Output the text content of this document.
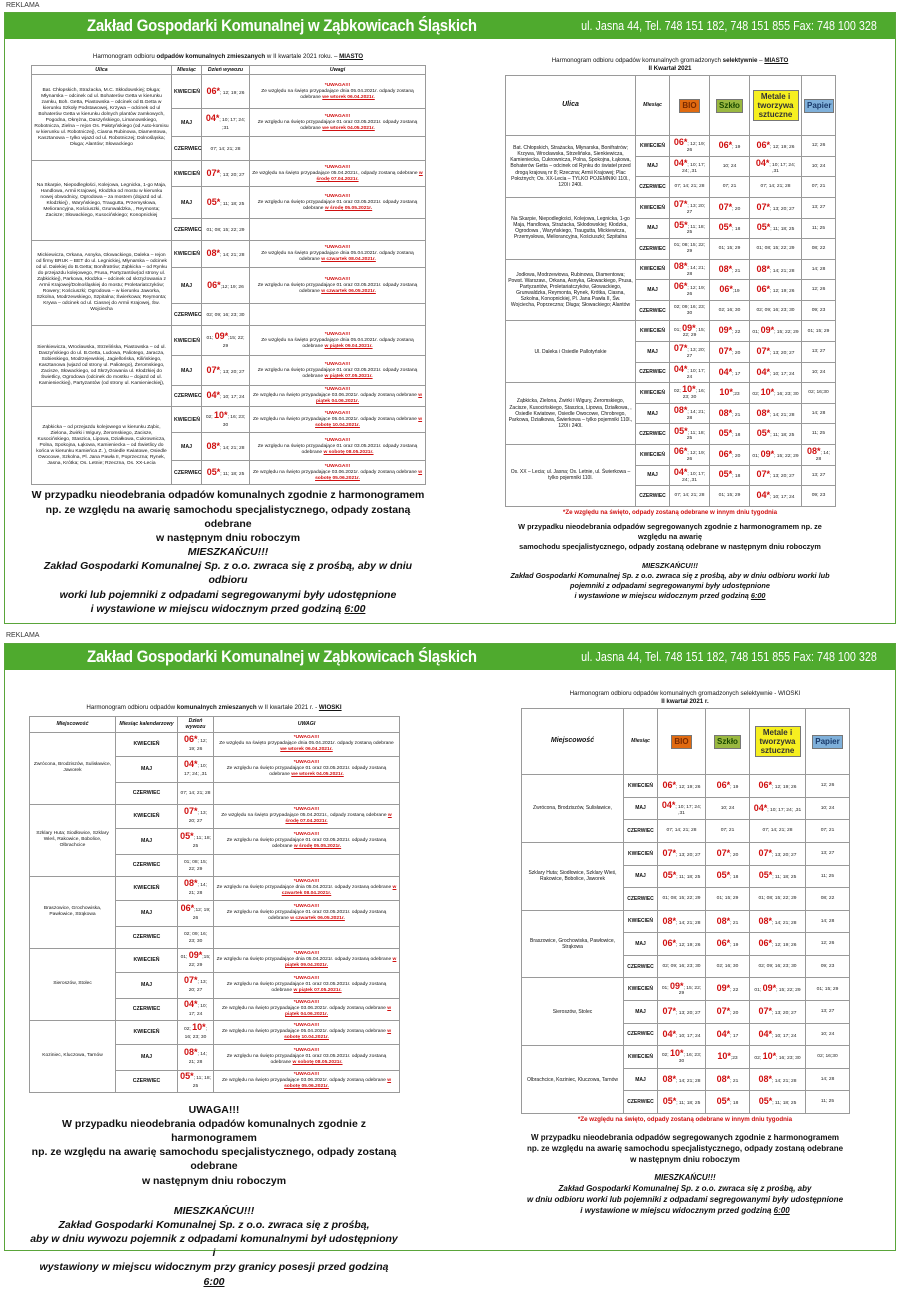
REKLAMA
Zakład Gospodarki Komunalnej w Ząbkowicach Śląskich	ul. Jasna 44, Tel. 748 151 182, 748 151 855 Fax: 748 100 328
Harmonogram odbioru odpadów komunalnych zmieszanych w II kwartale 2021 roku. – MIASTO
Ulica	Miesiąc	Dzień wywozu	Uwagi
Bat. Chłopskich, Strażacka, M.C. Skłodowskiej; Długa; Młynarska – odcinek od ul. Bohaterów Getta w kierunku zamku, Boh. Getta, Piastowska – odcinek od B.Getta w kierunku Szkoły Podstawowej, Krzywa – odcinek od ul Bohaterów Getta w kierunku dolnych plantów zamkowych, Pogodna, Okrężna, Daszyńskiego, Limanowskiego, Robotnicza, Zielna – rejon Os. Pałotyńskiego (od Auto-komisu w kierunku ul. Robotniczej), Ciasna Rubinowa, Diamentowa, Kasztanowa – tylko wjazd od ul. Robotniczej; Dolnośląska; Długa; Alantów; Słowackiego	KWIECIEŃ	06*; 12; 19; 26	*UWAGA!!!
Ze względu na święto przypadające dnia 05.04.2021r. odpady zostaną odebrane we wtorek 06.04.2021r.

	MAJ	04*; 10; 17; 24; ;31	*UWAGA!!!
Ze względu na święto przypadające 01 oraz 03.05.2021r. odpady zostaną odebrane we wtorek 04.05.2021r.

	CZERWIEC	07; 14; 21; 28	
Na Skarpie, Niepodległości, Kolejowa, Legnicka, 1-go Maja, Handlowa, Armii Krajowej, Kłodzka od mostu w kierunku nowej obwodnicy, Ogrodowa – za mostem (dojazd od ul. Kłodzkiej) , Waryńskiego, Traugutta, Przemysłowa, Meliorancyjna, Kościuszki, Grunwaldzka, , Reymonta; Zacisze; Słowackiego, Kusocińskiego; Konopnickiej	KWIECIEŃ	07*; 13; 20; 27	*UWAGA!!!
Ze względu na święto przypadające 05.04.2021r., odpady zostaną odebrane w środę 07.04.2021r.

	MAJ	05*; 11; 18; 25	*UWAGA!!!
Ze względu na święto przypadające 01 oraz 03.05.2021r. odpady zostaną odebrane w środę 05.05.2021r.

	CZERWIEC	01; 08; 15; 22; 29	
Mickiewicza, Orkana, Asnyka, Głowackiego, Daleka – rejon od firmy BRUK – BET do ul. Legnickiej, Młynarska – odcinek od ul. Dalekiej do B.Getta; Bonifratrów; Ząbkicka – od Rynku do przejazdu kolejowego, Prusa, Partyzantów(od strony ul. Ząbkickiej), Parkowa, Kłodzka – odcinek od skrzyżowania z Armii Krajowej/Dolnośląskiej do mostu; Proletariatczyków; Rowery; Kościuszki; Ogrodowa – w kierunku Jaworka, Szkolna, Modrzewskiego, Szpitalna; Świerkowa; Reymonta; Krywa – odcinek od ul. Ciasnej do Armii Krajowej, Św. Wojciecha	KWIECIEŃ	08*; 14; 21; 28	*UWAGA!!!
Ze względu na święto przypadające dnia 05.04.2021r. odpady zostaną odebrane w czwartek 08.04.2021r.

	MAJ	06*;12; 19; 26	*UWAGA!!!
Ze względu na święto przypadające 01 oraz 03.05.2021r. odpady zostaną odebrane w czwartek 06.05.2021r.

	CZERWIEC	02; 09; 16; 23; 30	
Sienkiewicza, Wrocławska, Strzelińska, Piastowska – od ul. Daszyńskiego do ul. B.Getta, Ludowa, Paliotego, Jaracza, Sobieskiego, Modrzejewskiej, Jagiellońska, Kilińskiego, Kasztanowa (wjazd od strony ul. Paliotego), Żeromskiego, Zacisze, Słowackiego, od Skrzyżowania ul. Kłodzkiej do Świetlicy, Ogrodowa (odcinek do mostku – dojazd od ul. Kamienieckiej), Partyzantów (od strony ul. Kamienieckiej),	KWIECIEŃ	01; 09*;15; 22; 29	*UWAGA!!!
Ze względu na święto przypadające dnia 05.04.2021r. odpady zostaną odebrane w piątek 09.04.2021r.

	MAJ	07*; 13; 20; 27	*UWAGA!!!
Ze względu na święto przypadające 01 oraz 03.05.2021r. odpady zostaną odebrane w piątek 07.05.2021r.

	CZERWIEC	04*; 10; 17; 24	*UWAGA!!!
Ze względu na święto przypadające 03.06.2021r. odpady zostaną odebrane w piątek 04.06.2021r.

Ząbkicka – od przejazdu kolejowego w kierunku Ząbic, Zielona, Żwirki i Wigury, Żeromskiego, Zacisze, Kusocińskiego, Staszica, Lipowa, Działkowa, Cukrownicza, Polna, Spokojna, Łąkowa, Kamieniecka – od Świetlicy do końca w kierunku Kamieńca Z. ), Osiedle Kwiatowe, Osiedle Owocowe, Szkolna, Pl. Jana Pawła II, Poprzeczna; Rynek, Jasna, Krótka; Os. Letnie; Rzeczna, Os. XX-Lecia	KWIECIEŃ	02; 10*; 16; 23; 30	*UWAGA!!!
Ze względu na święto przypadające 05.04.2021r. odpady zostaną odebrane w sobotę 10.04.2021r.

	MAJ	08*; 14; 21; 28	*UWAGA!!!
Ze względu na święto przypadające 01 oraz 03.05.2021r. odpady zostaną odebrane w sobotę 08.05.2021r.

	CZERWIEC	05*; 11; 18; 25	*UWAGA!!!
Ze względu na święto przypadające 03.06.2021r. odpady zostaną odebrane w sobotę 05.06.2021r.
W przypadku nieodebrania odpadów komunalnych zgodnie z harmonogramem
np. ze względu na awarię samochodu specjalistycznego, odpady zostaną
odebrane
w następnym dniu roboczym
MIESZKAŃCU!!!
Zakład Gospodarki Komunalnej Sp. z o.o. zwraca się z prośbą, aby w dniu odbioru
worki lub pojemniki z odpadami segregowanymi były udostępnione
i wystawione w miejscu widocznym przed godziną 6:00
Harmonogram odbioru odpadów komunalnych gromadzonych selektywnie – MIASTO
II Kwartał 2021
Ulica	Miesiąc	BIO	Szkło	Metale i tworzywa sztuczne	Papier
Bat. Chłopskich, Strażacka, Młynarska, Bonifratrów; Krzywa, Wrocławska, Strzelińska, Sienkiewicza, Kamieniecka, Cukrownicza, Polna, Spokojna, Łąkowa, Bohaterów Getta – odcinek od Rynku do świateł przed drogą krajową nr 8; Rzeczna; Armii Krajowej; Plac Położnych; Os. XX-Lecia – TYLKO POJEMNIKI 110l., 120l i 240l.	KWIECIEŃ	06*; 12; 19; 26	06*; 19	06*; 12; 19; 26	12; 26
	MAJ	04*; 10; 17; 24; ,31	10; 24	04*; 10; 17; 24; ,31	10; 24
	CZERWIEC	07; 14; 21; 28	07; 21	07; 14; 21; 28	07; 21
Na Skarpie, Niepodległości, Kolejowa, Legnicka, 1-go Maja, Handlowa, Strażacka, Skłodowskiej; Kłodzka, Ogrodowa , Waryńskiego, Traugutta, Mickiewicza, Przemysłowa, Meliorancyjna, Kościuszki; Szpitalna	KWIECIEŃ	07*; 13; 20; 27	07*; 20	07*; 13; 20; 27	13; 27
	MAJ	05*; 11; 18; 25	05*; 18	05*; 11; 18; 25	11; 25
	CZERWIEC	01; 08; 15; 22; 29	01; 15; 29	01; 08; 15; 22; 29	08; 22
Jodłowa, Modrzewiowa, Rubinowa, Diamentowa; Powst. Warszaw., Orkana, Asnyka, Głowackiego, Prusa, Partyzantów, Proletariatczyków, Głowackiego, Grunwaldzka, Reymonta, Rynek, Krótka, Ciasna, Szkolna, Konopnickiej, Pl. Jana Pawła II, Św. Wojciecha, Poprzeczna; Długa; Słowackiego; Alantów	KWIECIEŃ	08*; 14; 21; 28	08*; 21	08*; 14; 21; 28	14; 28
	MAJ	06*; 12; 19; 26	06*;19	06*; 12; 19; 26	12; 26
	CZERWIEC	02; 09; 16; 23; 30	02; 16; 30	02; 09; 16; 23; 30	09; 23
Ul. Daleka i Osiedle Pallotyńskie	KWIECIEŃ	01; 09*; 15; 22; 29	09*; 22	01; 09*; 15; 22; 29	01; 15; 29
	MAJ	07*; 13; 20; 27	07*; 20	07*; 13; 20; 27	13; 27
	CZERWIEC	04*; 10; 17; 24	04*; 17	04*; 10; 17; 24	10; 24
Ząbkicka, Zielona, Żwirki i Wigury, Żeromskiego, Zacisze, Kusocińskiego, Staszica, Lipowa, Działkowa, , Osiedle Kwiatowe, Osiedle Owocowe, Chrobrego, Parkowa, Działkowa, Świerkowa – tylko pojemniki 110l., 120l i 240l.	KWIECIEŃ	02; 10*; 16; 23; 30	10*;23	02; 10*; 16; 23; 30	02; 16;30
	MAJ	08*; 14; 21; 28	08*; 21	08*; 14; 21; 28	14; 28
	CZERWIEC	05*; 11; 18; 25	05*; 18	05*; 11; 18; 25	11; 25
Os. XX – Lecia; ul. Jasna; Os. Letnie, ul. Świerkowa – tylko pojemniki 110l.	KWIECIEŃ	06*; 12; 19; 26	06*; 20	01; 09*; 15; 22; 29	08*; 14; 28
	MAJ	04*; 10; 17; 24; ,31	05*; 18	07*; 13; 20; 27	13; 27
	CZERWIEC	07; 14; 21; 28	01; 15; 29	04*; 10; 17; 24	09; 23
*Ze względu na święto, odpady zostaną odebrane w innym dniu tygodnia
W przypadku nieodebrania odpadów segregowanych zgodnie z harmonogramem np. ze względu na awarię
samochodu specjalistycznego, odpady zostaną odebrane w następnym dniu roboczym
MIESZKAŃCU!!!
Zakład Gospodarki Komunalnej Sp. z o.o. zwraca się z prośbą, aby w dniu odbioru worki lub
pojemniki z odpadami segregowanymi były udostępnione
i wystawione w miejscu widocznym przed godziną 6:00
REKLAMA
Zakład Gospodarki Komunalnej w Ząbkowicach Śląskich	ul. Jasna 44, Tel. 748 151 182, 748 151 855 Fax: 748 100 328
Harmonogram odbioru odpadów komunalnych zmieszanych w II kwartale 2021 r. - WIOSKI
Miejscowość	Miesiąc kalendarzowy	Dzień wywozu	UWAGI
Zwrócona, Brodziszów, Sulisławice, Jaworek	KWIECIEŃ	06*; 12; 19; 26	*UWAGA!!!
Ze względu na święto przypadające dnia 05.04.2021r. odpady zostaną odebrane we wtorek 06.04.2021r.

	MAJ	04*; 10; 17; 24; ,31	*UWAGA!!!
Ze względu na święto przypadające 01 oraz 03.05.2021r. odpady zostaną odebrane we wtorek 04.05.2021r.

	CZERWIEC	07; 14; 21; 28	
Szklary Huta; Siodłowice, Szklary Wieś, Rakowice, Bobolice, Olbrachcice	KWIECIEŃ	07*; 13; 20; 27	*UWAGA!!!
Ze względu na święto przypadające 05.04.2021r., odpady zostaną odebrane w środę 07.04.2021r.

	MAJ	05*; 11; 18; 25	*UWAGA!!!
Ze względu na święto przypadające 01 oraz 03.05.2021r. odpady zostaną odebrane w środę 05.05.2021r.

	CZERWIEC	01; 08; 15; 22; 29	
Braszowice, Grochowiska, Pawłowice, Strąkowa	KWIECIEŃ	08*; 14; 21; 28	*UWAGA!!!
Ze względu na święto przypadające dnia 05.04.2021r. odpady zostaną odebrane w czwartek 08.04.2021r.

	MAJ	06*;12; 19; 26	*UWAGA!!!
Ze względu na święto przypadające 01 oraz 03.05.2021r. odpady zostaną odebrane w czwartek 06.05.2021r.

	CZERWIEC	02; 09; 16; 23; 30	
Sieroszów, Stolec	KWIECIEŃ	01; 09*;15; 22; 29	*UWAGA!!!
Ze względu na święto przypadające dnia 05.04.2021r. odpady zostaną odebrane w piątek 09.04.2021r.

	MAJ	07*; 13; 20; 27	*UWAGA!!!
Ze względu na święto przypadające 01 oraz 03.05.2021r. odpady zostaną odebrane w piątek 07.05.2021r.

	CZERWIEC	04*; 10; 17; 24	*UWAGA!!!
Ze względu na święto przypadające 03.06.2021r. odpady zostaną odebrane w piątek 04.06.2021r.

Koziniec, Kluczowa, Tarnów	KWIECIEŃ	02; 10*; 16; 23; 30	*UWAGA!!!
Ze względu na święto przypadające 05.04.2021r. odpady zostaną odebrane w sobotę 10.04.2021r.

	MAJ	08*; 14; 21; 28	*UWAGA!!!
Ze względu na święto przypadające 01 oraz 03.05.2021r. odpady zostaną odebrane w sobotę 08.05.2021r.

	CZERWIEC	05*; 11; 18; 25	*UWAGA!!!
Ze względu na święto przypadające 03.06.2021r. odpady zostaną odebrane w sobotę 05.06.2021r.
UWAGA!!!
W przypadku nieodebrania odpadów komunalnych zgodnie z harmonogramem
np. ze względu na awarię samochodu specjalistycznego, odpady zostaną odebrane
w następnym dniu roboczym
MIESZKAŃCU!!!
Zakład Gospodarki Komunalnej Sp. z o.o. zwraca się z prośbą,
aby w dniu wywozu pojemnik z odpadami komunalnymi był udostępniony i
wystawiony w miejscu widocznym przy granicy posesji przed godziną 6:00
Harmonogram odbioru odpadów komunalnych gromadzonych selektywnie - WIOSKI
II kwartał 2021 r.
Miejscowość	Miesiąc	BIO	Szkło	Metale i tworzywa sztuczne	Papier
Zwrócona, Brodziszów, Sulisławice,	KWIECIEŃ	06*; 12; 19; 26	06*; 19	06*; 12; 19; 26	12; 26
	MAJ	04*; 10; 17; 24; ,31	10; 24	04*; 10; 17; 24; ,31	10; 24
	CZERWIEC	07; 14; 21; 28	07; 21	07; 14; 21; 28	07; 21
Szklary Huta; Siodłowice, Szklary Wieś, Rakowice, Bobolice, Jaworek	KWIECIEŃ	07*; 13; 20; 27	07*; 20	07*; 13; 20; 27	13; 27
	MAJ	05*; 11; 18; 25	05*; 18	05*; 11; 18; 25	11; 25
	CZERWIEC	01; 08; 15; 22; 29	01; 15; 29	01; 08; 15; 22; 29	08; 22
Braszowice, Grochowiska, Pawłowice, Strąkowa	KWIECIEŃ	08*; 14; 21; 28	08*; 21	08*; 14; 21; 28	14; 28
	MAJ	06*; 12; 19; 26	06*; 19	06*; 12; 19; 26	12; 26
	CZERWIEC	02; 09; 16; 23; 30	02; 16; 30	02; 09; 16; 23; 30	09; 23
Sieroszów, Stolec	KWIECIEŃ	01; 09*; 15; 22; 29	09*; 22	01; 09*; 15; 22; 29	01; 15; 29
	MAJ	07*; 13; 20; 27	07*; 20	07*; 13; 20; 27	13; 27
	CZERWIEC	04*; 10; 17; 24	04*; 17	04*; 10; 17; 24	10; 24
Olbrachcice, Koziniec, Kluczowa, Tarnów	KWIECIEŃ	02; 10*; 16; 23; 30	10*;23	02; 10*; 16; 23; 30	02; 16;30
	MAJ	08*; 14; 21; 28	08*; 21	08*; 14; 21; 28	14; 28
	CZERWIEC	05*; 11; 18; 25	05*; 18	05*; 11; 18; 25	11; 25
*Ze względu na święto, odpady zostaną odebrane w innym dniu tygodnia
W przypadku nieodebrania odpadów segregowanych zgodnie z harmonogramem
np. ze względu na awarię samochodu specjalistycznego, odpady zostaną odebrane
w następnym dniu roboczym
MIESZKAŃCU!!!
Zakład Gospodarki Komunalnej Sp. z o.o. zwraca się z prośbą, aby
w dniu odbioru worki lub pojemniki z odpadami segregowanymi były udostępnione
i wystawione w miejscu widocznym przed godziną 6:00
